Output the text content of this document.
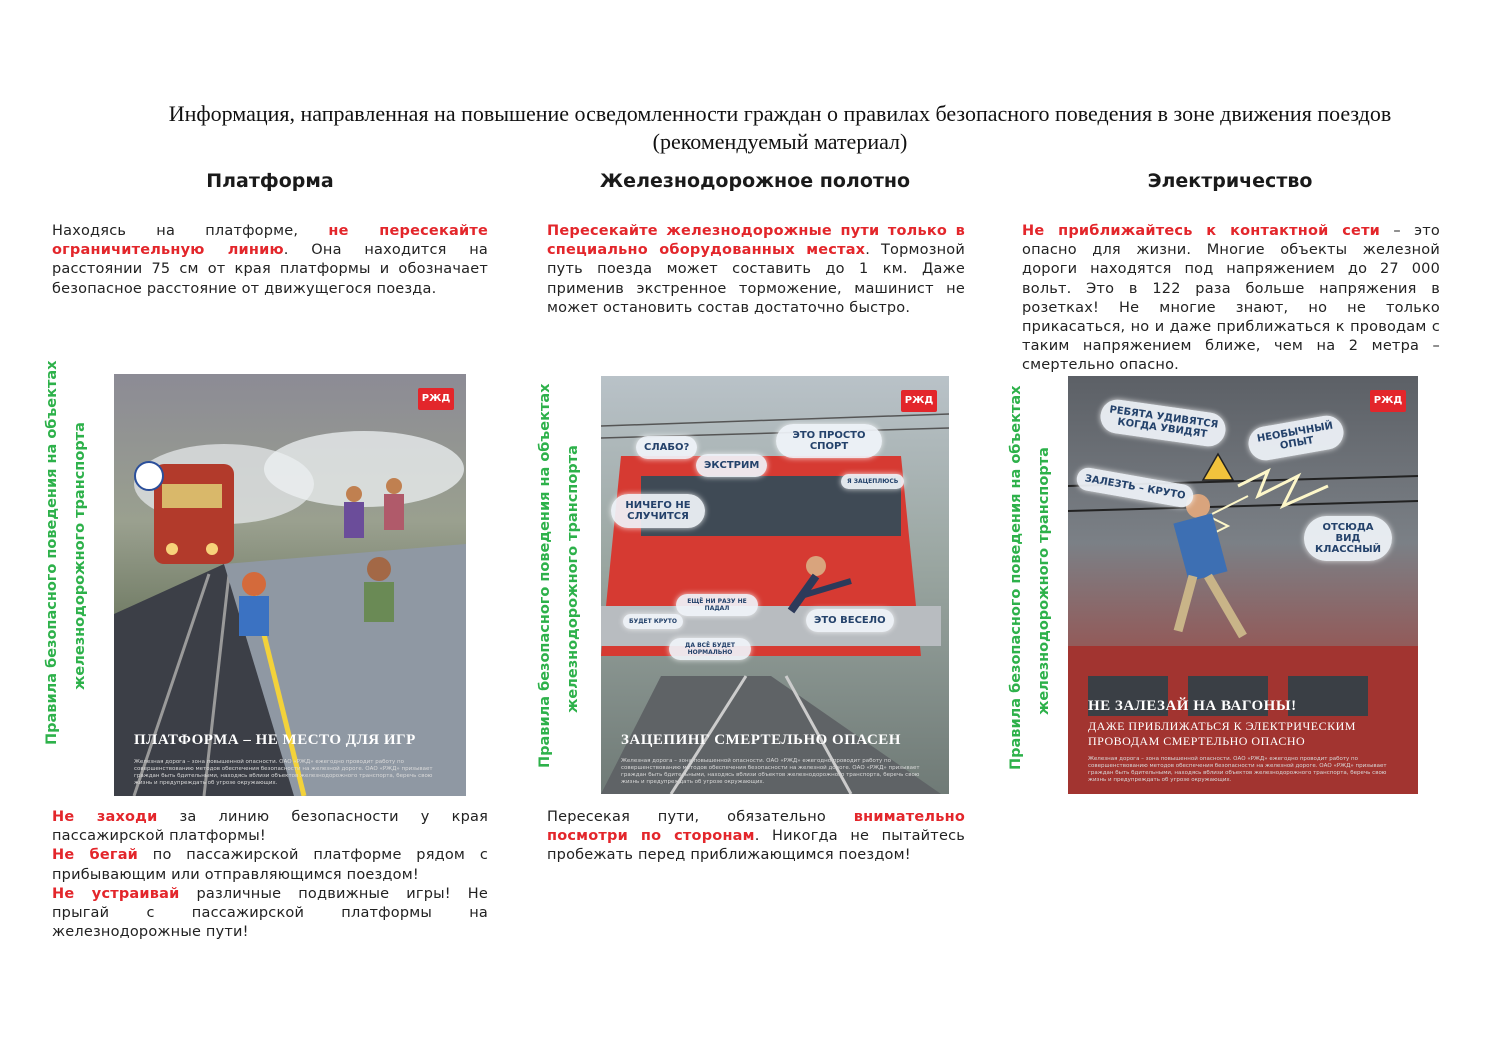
Информация, направленная на повышение осведомленности граждан о правилах безопасного поведения в зоне движения поездов
(рекомендуемый материал)
Платформа	Железнодорожное полотно	Электричество
Находясь на платформе, не пересекайте ограничительную линию. Она находится на расстоянии 75 см от края платформы и обозначает безопасное расстояние от движущегося поезда.
Пересекайте железнодорожные пути только в специально оборудованных местах. Тормозной путь поезда может составить до 1 км. Даже применив экстренное торможение, машинист не может остановить состав достаточно быстро.
Не приближайтесь к контактной сети – это опасно для жизни. Многие объекты железной дороги находятся под напряжением до 27 000 вольт. Это в 122 раза больше напряжения в розетках! Не многие знают, но не только прикасаться, но и даже приближаться к проводам с таким напряжением ближе, чем на 2 метра – смертельно опасно.
Правила безопасного поведения на объектах железнодорожного транспорта	Правила безопасного поведения на объектах железнодорожного транспорта	Правила безопасного поведения на объектах железнодорожного транспорта
РЖД
ПЛАТФОРМА – НЕ МЕСТО ДЛЯ ИГР
Железная дорога – зона повышенной опасности. ОАО «РЖД» ежегодно проводит работу по совершенствованию методов обеспечения безопасности на железной дороге. ОАО «РЖД» призывает граждан быть бдительными, находясь вблизи объектов железнодорожного транспорта, беречь свою жизнь и предупреждать об угрозе окружающих.
РЖД
СЛАБО?
ЭТО ПРОСТО СПОРТ
ЭКСТРИМ
Я ЗАЦЕПЛЮСЬ
НИЧЕГО НЕ СЛУЧИТСЯ
ЭТО ВЕСЕЛО
ЕЩЁ НИ РАЗУ НЕ ПАДАЛ
ДА ВСЁ БУДЕТ НОРМАЛЬНО
БУДЕТ КРУТО
ЗАЦЕПИНГ СМЕРТЕЛЬНО ОПАСЕН
Железная дорога – зона повышенной опасности. ОАО «РЖД» ежегодно проводит работу по совершенствованию методов обеспечения безопасности на железной дороге. ОАО «РЖД» призывает граждан быть бдительными, находясь вблизи объектов железнодорожного транспорта, беречь свою жизнь и предупреждать об угрозе окружающих.
РЖД
РЕБЯТА УДИВЯТСЯ КОГДА УВИДЯТ	НЕОБЫЧНЫЙ ОПЫТ
ЗАЛЕЗТЬ – КРУТО
ОТСЮДА ВИД КЛАССНЫЙ
НЕ ЗАЛЕЗАЙ НА ВАГОНЫ!
ДАЖЕ ПРИБЛИЖАТЬСЯ К ЭЛЕКТРИЧЕСКИМ ПРОВОДАМ СМЕРТЕЛЬНО ОПАСНО
Железная дорога – зона повышенной опасности. ОАО «РЖД» ежегодно проводит работу по совершенствованию методов обеспечения безопасности на железной дороге. ОАО «РЖД» призывает граждан быть бдительными, находясь вблизи объектов железнодорожного транспорта, беречь свою жизнь и предупреждать об угрозе окружающих.
Не заходи за линию безопасности у края пассажирской платформы!
Не бегай по пассажирской платформе рядом с прибывающим или отправляющимся поездом!
Не устраивай различные подвижные игры! Не прыгай с пассажирской платформы на железнодорожные пути!
Пересекая пути, обязательно внимательно посмотри по сторонам. Никогда не пытайтесь пробежать перед приближающимся поездом!
